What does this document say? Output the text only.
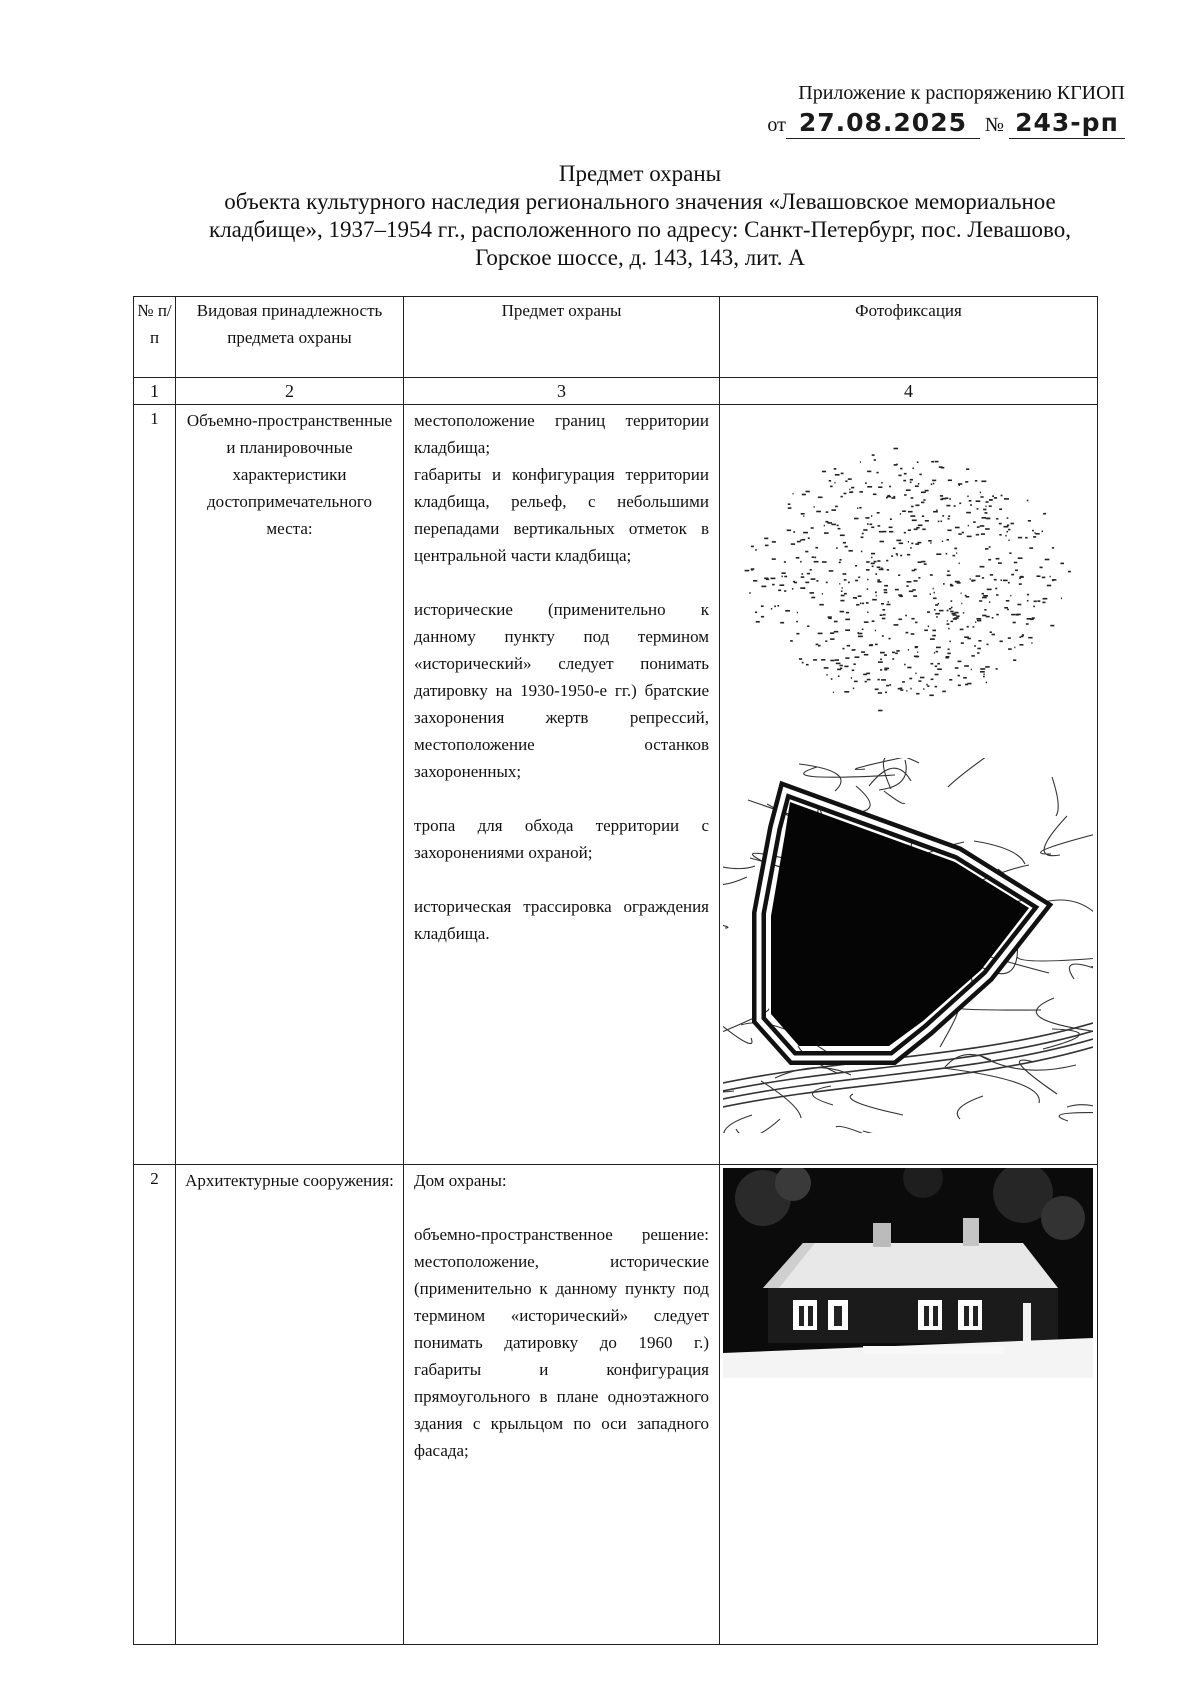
Приложение к распоряжению КГИОП
от 27.08.2025 № 243-рп
Предмет охраны
объекта культурного наследия регионального значения «Левашовское мемориальное
кладбище», 1937–1954 гг., расположенного по адресу: Санкт-Петербург, пос. Левашово,
Горское шоссе, д. 143, 143, лит. А
№ п/ п	Видовая принадлежность предмета охраны	Предмет охраны	Фотофиксация
1	2	3	4
1	Объемно-пространственные и планировочные характеристики достопримечательного места:	местоположение границ территории кладбища;

габариты и конфигурация территории кладбища, рельеф, с небольшими перепадами вертикальных отметок в центральной части кладбища;

исторические (применительно к данному пункту под термином «исторический» следует понимать датировку на 1930-1950-е гг.) братские захоронения жертв репрессий, местоположение останков захороненных;

тропа для обхода территории с захоронениями охраной;

историческая трассировка ограждения кладбища.

2	Архитектурные сооружения:	Дом охраны:

объемно-пространственное решение: местоположение, исторические (применительно к данному пункту под термином «исторический» следует понимать датировку до 1960 г.) габариты и конфигурация прямоугольного в плане одноэтажного здания с крыльцом по оси западного фасада;
